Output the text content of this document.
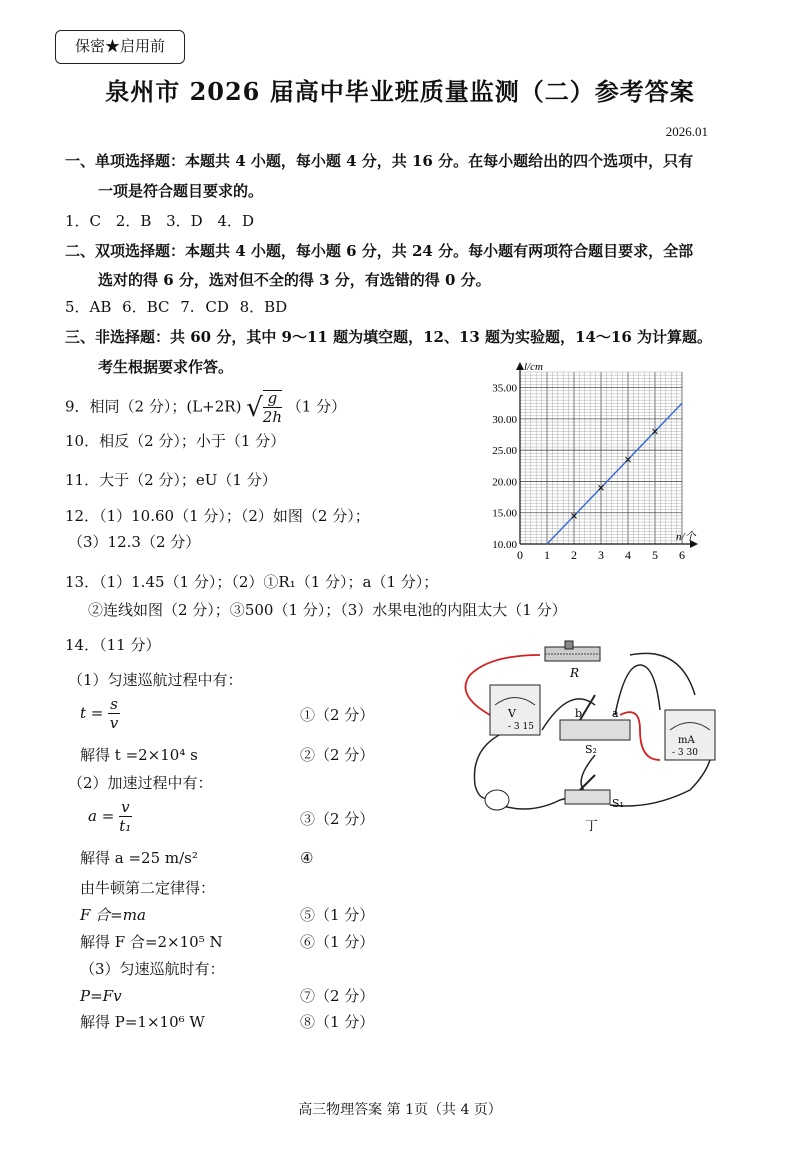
保密★启用前
泉州市 2026 届高中毕业班质量监测（二）参考答案
2026.01
一、单项选择题：本题共 4 小题，每小题 4 分，共 16 分。在每小题给出的四个选项中，只有
一项是符合题目要求的。
1．C 2．B 3．D 4．D
二、双项选择题：本题共 4 小题，每小题 6 分，共 24 分。每小题有两项符合题目要求，全部
选对的得 6 分，选对但不全的得 3 分，有选错的得 0 分。
5．AB 6．BC 7. CD 8．BD
三、非选择题：共 60 分，其中 9～11 题为填空题，12、13 题为实验题，14～16 为计算题。
考生根据要求作答。
9．相同（2 分）；(L+2R) √ $\frac{g}{2h} (1$ 分）
10．相反（2 分）；小于（1 分）
11．大于（2 分）；eU（1 分）
12．（1）10.60（1 分）；（2）如图（2 分）；
（3）12.3（2 分）
0 1 2 3 4 5 6
10.00
15.00
20.00
25.00
30.00
35.00
l/cm
n/个
13．（1）1.45（1 分）；（2）①R₁（1 分）；a（1 分）；
②连线如图（2 分）；③500（1 分）；（3）水果电池的内阻太大（1 分）
14．（11 分）
（1）匀速巡航过程中有：
$t = \frac{s}{v}$	①（2 分）
解得 t =2×10⁴ s	②（2 分）
（2）加速过程中有：
$a = \frac{v}{\text{t₁}}$	③（2 分）
解得 a =25 m/s²	④
由牛顿第二定律得：
F 合=ma	⑤（1 分）
解得 F 合=2×10⁵ N	⑥（1 分）
（3）匀速巡航时有：
P=Fv	⑦（2 分）
解得 P=1×10⁶ W	⑧（1 分）
R
V
- 3 15
b	a
S₂
mA
- 3 30
S₁
丁
高三物理答案 第 1页（共 4 页）
